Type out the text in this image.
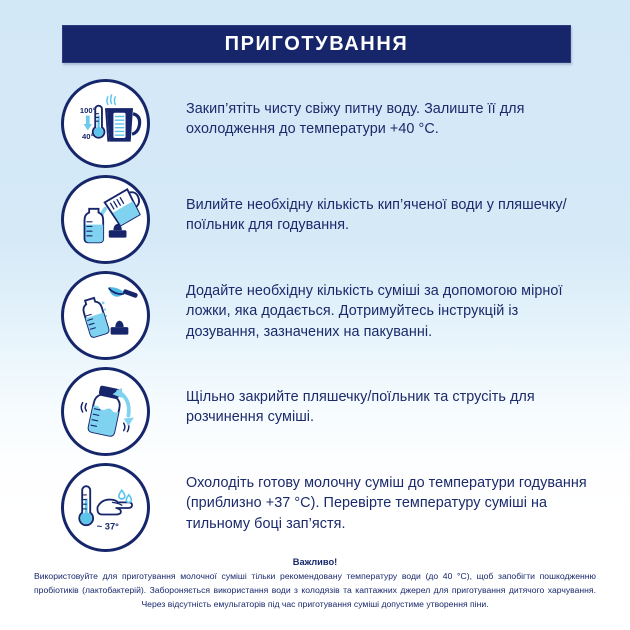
ПРИГОТУВАННЯ
100°
40°
Закип’ятіть чисту свіжу питну воду. Залиште її для охолодження до температури +40 °C.
Вилийте необхідну кількість кип’яченої води у пляшечку/поїльник для годування.
Додайте необхідну кількість суміші за допомогою мірної ложки, яка додається. Дотримуйтесь інструкцій із дозування, зазначених на пакуванні.
Щільно закрийте пляшечку/поїльник та струсіть для розчинення суміші.
~ 37°
Охолодіть готову молочну суміш до температури годування (приблизно +37 °C). Перевірте температуру суміші на тильному боці зап’ястя.
Важливо!
Використовуйте для приготування молочної суміші тільки рекомендовану температуру води (до 40 °C), щоб запобігти пошкодженню пробіотиків (лактобактерій). Забороняється використання води з колодязів та каптажних джерел для приготування дитячого харчування. Через відсутність емульгаторів під час приготування суміші допустиме утворення піни.
